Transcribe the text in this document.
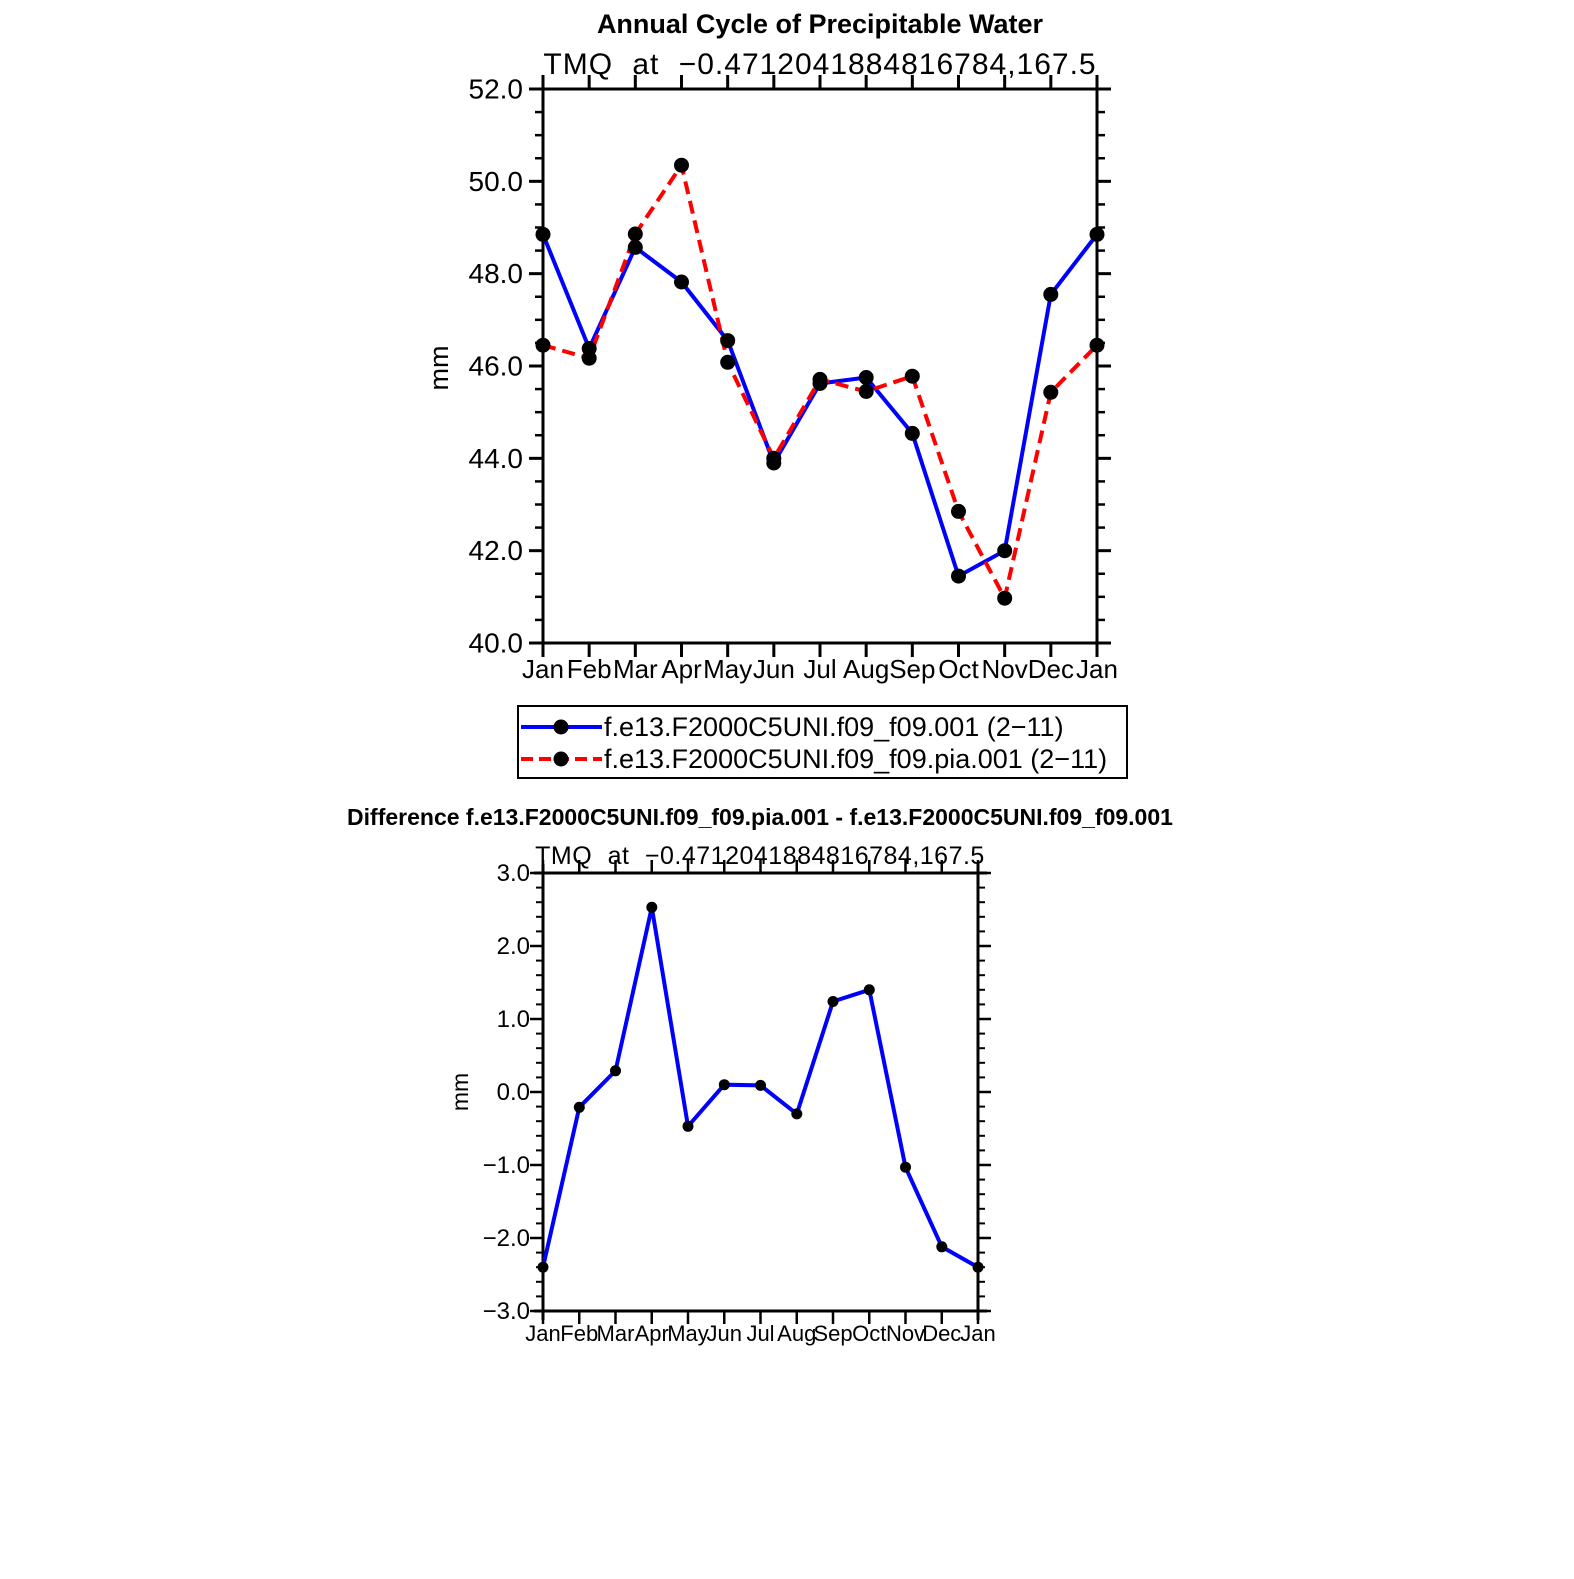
Jan Feb Mar Apr May Jun Jul Aug Sep Oct Nov Dec Jan
40.0
42.0
44.0
46.0
48.0
50.0
52.0
Jan Feb
Mar Apr
May
Jun Jul Aug
Sep Oct Nov
Dec
Jan
−3.0
−2.0
−1.0
0.0
1.0
2.0
3.0
Annual Cycle of Precipitable Water
TMQ at −0.4712041884816784,167.5
mm
f.e13.F2000C5UNI.f09_f09.001 (2−11)
f.e13.F2000C5UNI.f09_f09.pia.001 (2−11)
Difference f.e13.F2000C5UNI.f09_f09.pia.001 - f.e13.F2000C5UNI.f09_f09.001
TMQ at −0.4712041884816784,167.5
mm
